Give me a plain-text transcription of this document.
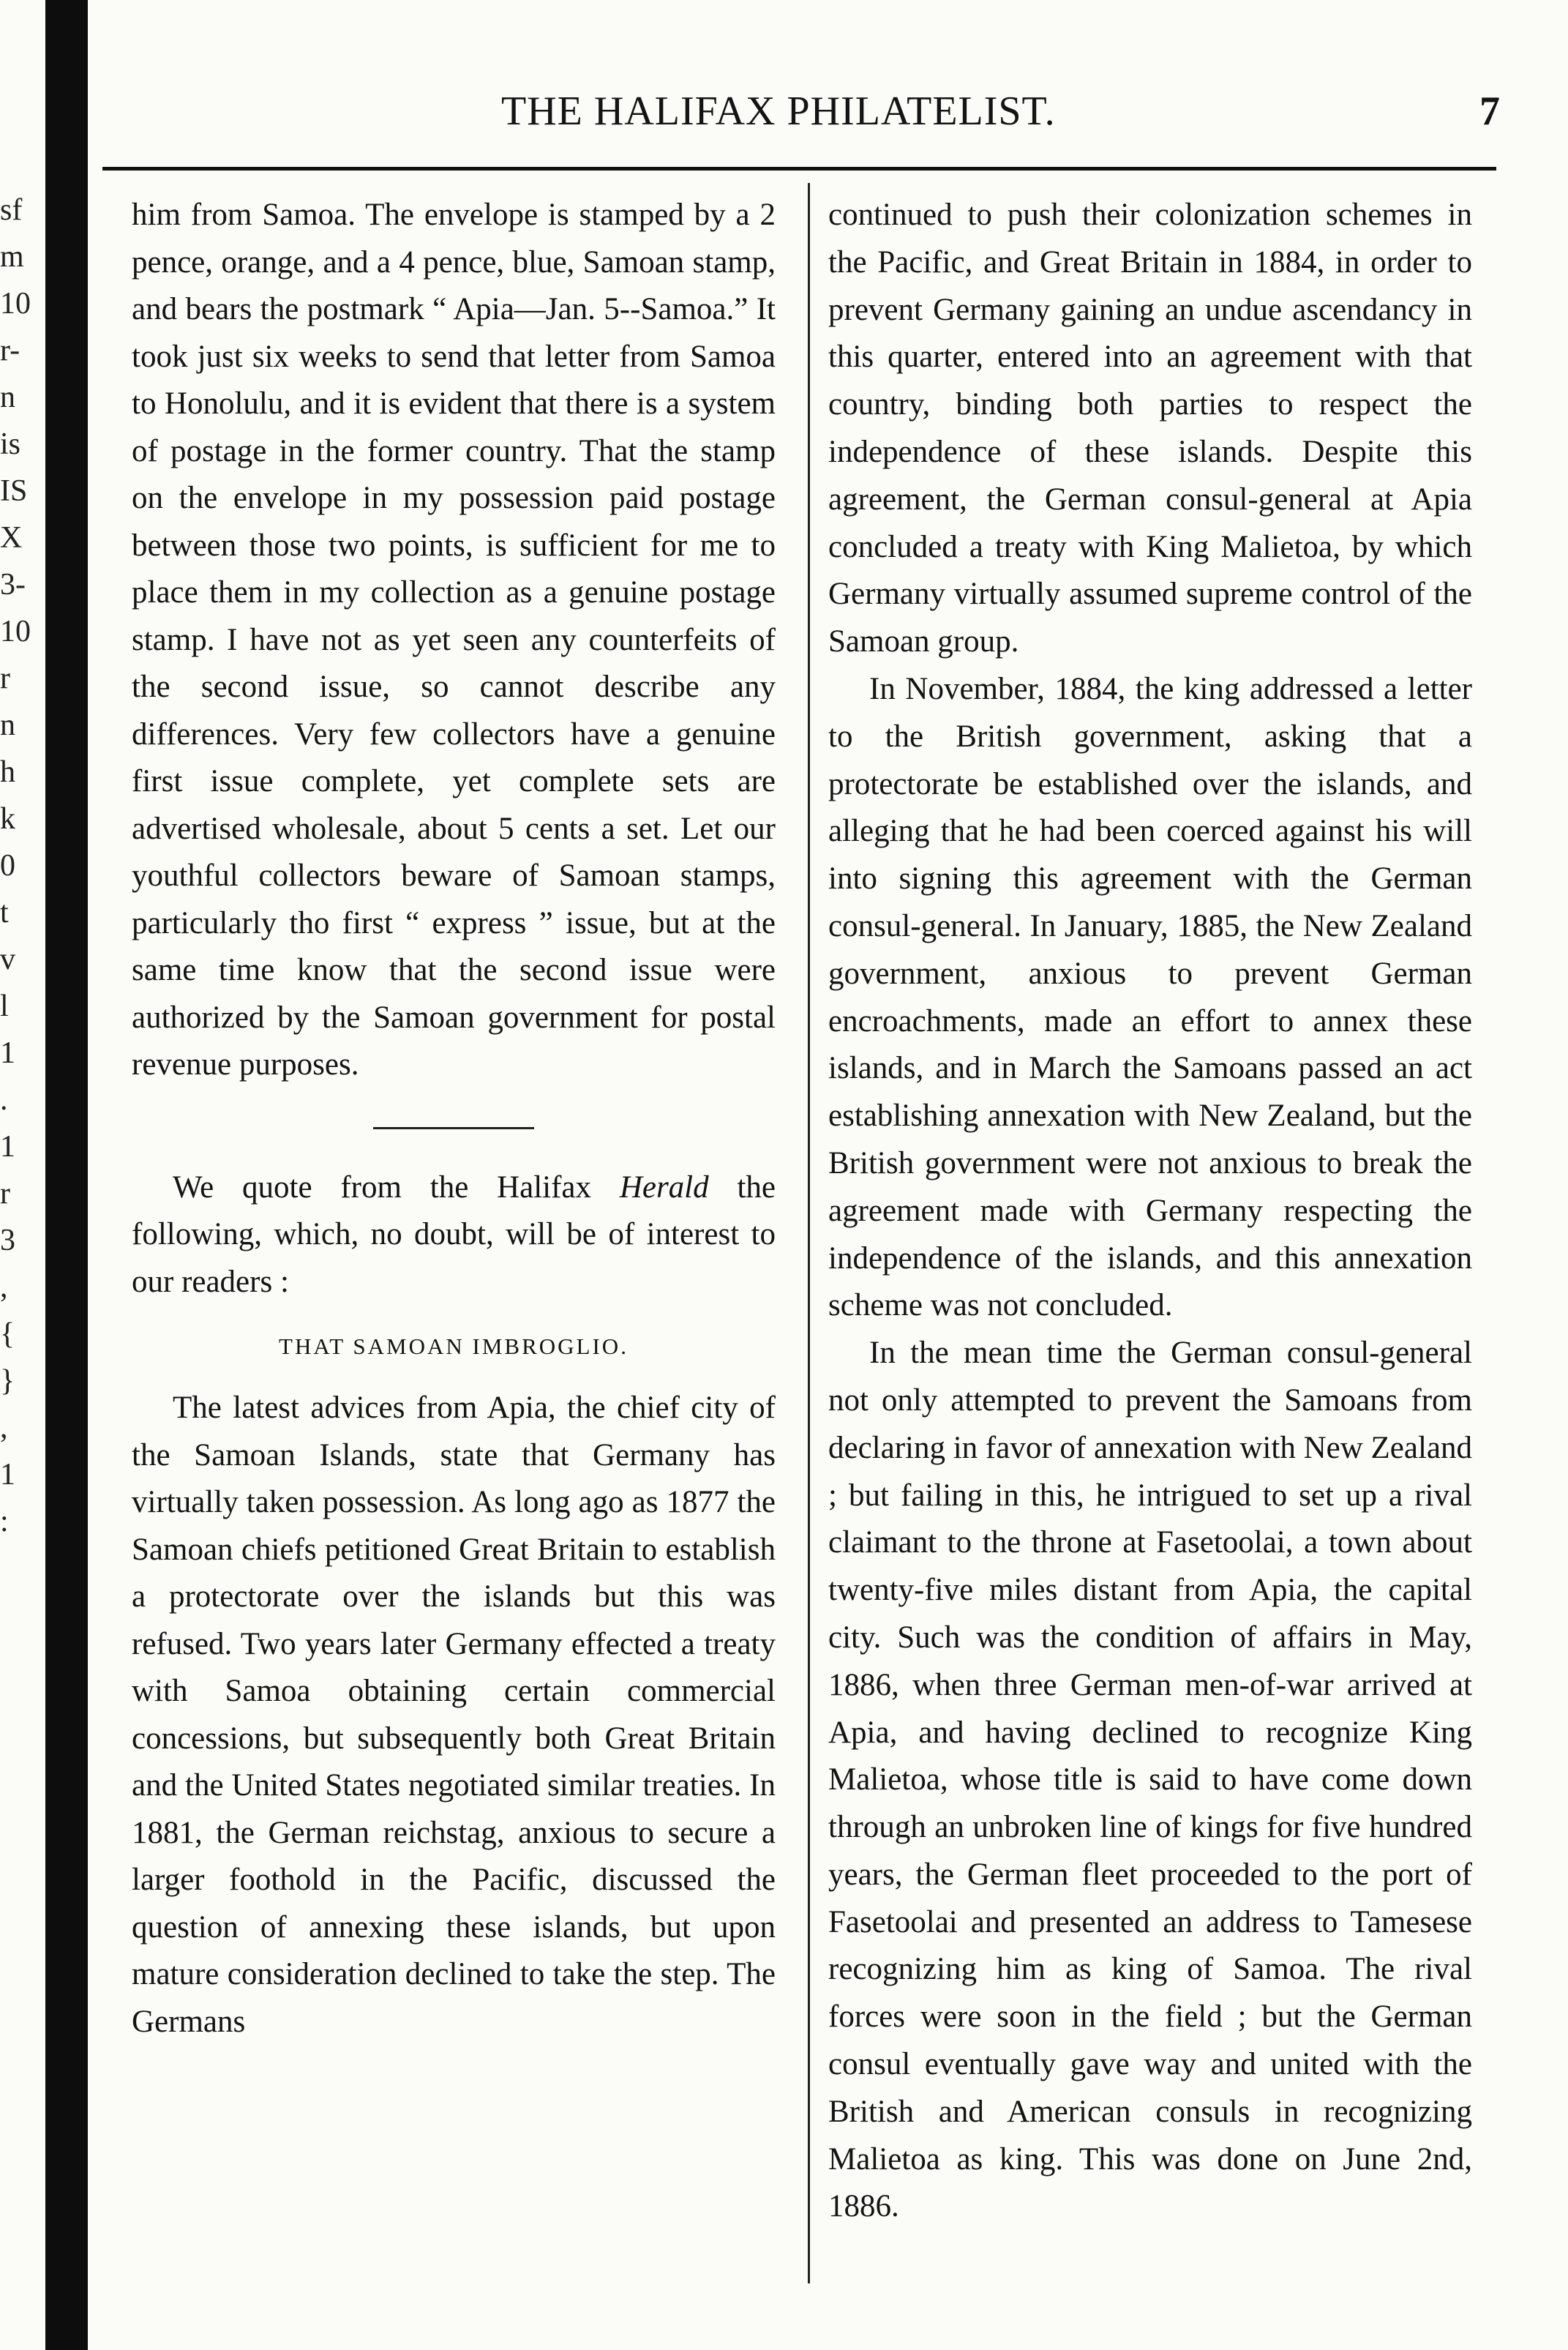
sf
m
10
r-
n
is
IS
X
3-
10
r
n
h
k
0
t
v
l
1
.
1
r
3
,
{
}
,
1
:
THE HALIFAX PHILATELIST.	7

him from Samoa. The envelope is stamped by a 2 pence, orange, and a 4 pence, blue, Samoan stamp, and bears the postmark “ Apia—Jan. 5--Samoa.” It took just six weeks to send that letter from Samoa to Honolulu, and it is evident that there is a system of postage in the former country. That the stamp on the envelope in my possession paid postage between those two points, is sufficient for me to place them in my collection as a genuine postage stamp. I have not as yet seen any counterfeits of the second issue, so cannot describe any differences. Very few collectors have a genuine first issue complete, yet complete sets are advertised wholesale, about 5 cents a set. Let our youthful collectors beware of Samoan stamps, particularly tho first “ express ” issue, but at the same time know that the second issue were authorized by the Samoan government for postal revenue purposes.

We quote from the Halifax Herald the following, which, no doubt, will be of interest to our readers :

THAT SAMOAN IMBROGLIO.

The latest advices from Apia, the chief city of the Samoan Islands, state that Germany has virtually taken possession. As long ago as 1877 the Samoan chiefs petitioned Great Britain to establish a protectorate over the islands but this was refused. Two years later Germany effected a treaty with Samoa obtaining certain commercial concessions, but subsequently both Great Britain and the United States negotiated similar treaties. In 1881, the German reichstag, anxious to secure a larger foothold in the Pacific, discussed the question of annexing these islands, but upon mature consideration declined to take the step. The Germans

continued to push their colonization schemes in the Pacific, and Great Britain in 1884, in order to prevent Germany gaining an undue ascendancy in this quarter, entered into an agreement with that country, binding both parties to respect the independence of these islands. Despite this agreement, the German consul-general at Apia concluded a treaty with King Malietoa, by which Germany virtually assumed supreme control of the Samoan group.

In November, 1884, the king addressed a letter to the British government, asking that a protectorate be established over the islands, and alleging that he had been coerced against his will into signing this agreement with the German consul-general. In January, 1885, the New Zealand government, anxious to prevent German encroachments, made an effort to annex these islands, and in March the Samoans passed an act establishing annexation with New Zealand, but the British government were not anxious to break the agreement made with Germany respecting the independence of the islands, and this annexation scheme was not concluded.

In the mean time the German consul-general not only attempted to prevent the Samoans from declaring in favor of annexation with New Zealand ; but failing in this, he intrigued to set up a rival claimant to the throne at Fasetoolai, a town about twenty-five miles distant from Apia, the capital city. Such was the condition of affairs in May, 1886, when three German men-of-war arrived at Apia, and having declined to recognize King Malietoa, whose title is said to have come down through an unbroken line of kings for five hundred years, the German fleet proceeded to the port of Fasetoolai and presented an address to Tamesese recognizing him as king of Samoa. The rival forces were soon in the field ; but the German consul eventually gave way and united with the British and American consuls in recognizing Malietoa as king. This was done on June 2nd, 1886.
